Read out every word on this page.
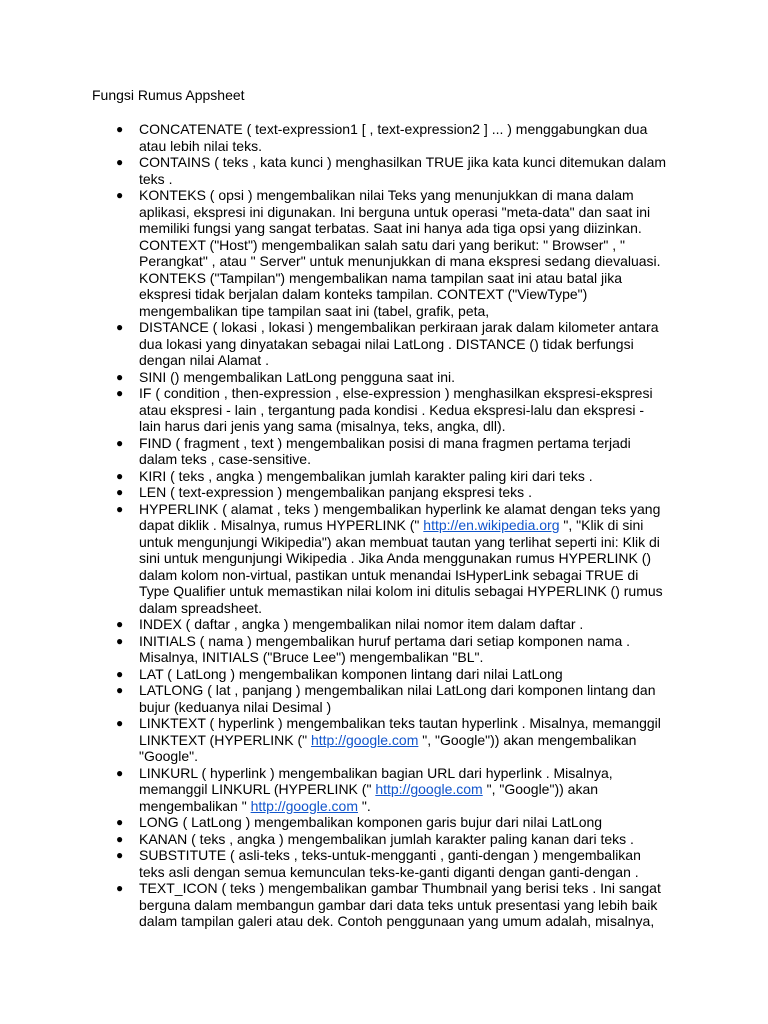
Fungsi Rumus Appsheet
● CONCATENATE ( text-expression1 [ , text-expression2 ] ... ) menggabungkan dua
atau lebih nilai teks.
● CONTAINS ( teks , kata kunci ) menghasilkan TRUE jika kata kunci ditemukan dalam
teks .
● KONTEKS ( opsi ) mengembalikan nilai Teks yang menunjukkan di mana dalam
aplikasi, ekspresi ini digunakan. Ini berguna untuk operasi "meta-data" dan saat ini
memiliki fungsi yang sangat terbatas. Saat ini hanya ada tiga opsi yang diizinkan.
CONTEXT ("Host") mengembalikan salah satu dari yang berikut: " Browser" , "
Perangkat" , atau " Server" untuk menunjukkan di mana ekspresi sedang dievaluasi.
KONTEKS ("Tampilan") mengembalikan nama tampilan saat ini atau batal jika
ekspresi tidak berjalan dalam konteks tampilan. CONTEXT ("ViewType")
mengembalikan tipe tampilan saat ini (tabel, grafik, peta,
● DISTANCE ( lokasi , lokasi ) mengembalikan perkiraan jarak dalam kilometer antara
dua lokasi yang dinyatakan sebagai nilai LatLong . DISTANCE () tidak berfungsi
dengan nilai Alamat .
● SINI () mengembalikan LatLong pengguna saat ini.
● IF ( condition , then-expression , else-expression ) menghasilkan ekspresi-ekspresi
atau ekspresi - lain , tergantung pada kondisi . Kedua ekspresi-lalu dan ekspresi -
lain harus dari jenis yang sama (misalnya, teks, angka, dll).
● FIND ( fragment , text ) mengembalikan posisi di mana fragmen pertama terjadi
dalam teks , case-sensitive.
● KIRI ( teks , angka ) mengembalikan jumlah karakter paling kiri dari teks .
● LEN ( text-expression ) mengembalikan panjang ekspresi teks .
● HYPERLINK ( alamat , teks ) mengembalikan hyperlink ke alamat dengan teks yang
dapat diklik . Misalnya, rumus HYPERLINK (" http://en.wikipedia.org ", "Klik di sini
untuk mengunjungi Wikipedia") akan membuat tautan yang terlihat seperti ini: Klik di
sini untuk mengunjungi Wikipedia . Jika Anda menggunakan rumus HYPERLINK ()
dalam kolom non-virtual, pastikan untuk menandai IsHyperLink sebagai TRUE di
Type Qualifier untuk memastikan nilai kolom ini ditulis sebagai HYPERLINK () rumus
dalam spreadsheet.
● INDEX ( daftar , angka ) mengembalikan nilai nomor item dalam daftar .
● INITIALS ( nama ) mengembalikan huruf pertama dari setiap komponen nama .
Misalnya, INITIALS ("Bruce Lee") mengembalikan "BL".
● LAT ( LatLong ) mengembalikan komponen lintang dari nilai LatLong
● LATLONG ( lat , panjang ) mengembalikan nilai LatLong dari komponen lintang dan
bujur (keduanya nilai Desimal )
● LINKTEXT ( hyperlink ) mengembalikan teks tautan hyperlink . Misalnya, memanggil
LINKTEXT (HYPERLINK (" http://google.com ", "Google")) akan mengembalikan
"Google".
● LINKURL ( hyperlink ) mengembalikan bagian URL dari hyperlink . Misalnya,
memanggil LINKURL (HYPERLINK (" http://google.com ", "Google")) akan
mengembalikan " http://google.com ".
● LONG ( LatLong ) mengembalikan komponen garis bujur dari nilai LatLong
● KANAN ( teks , angka ) mengembalikan jumlah karakter paling kanan dari teks .
● SUBSTITUTE ( asli-teks , teks-untuk-mengganti , ganti-dengan ) mengembalikan
teks asli dengan semua kemunculan teks-ke-ganti diganti dengan ganti-dengan .
● TEXT_ICON ( teks ) mengembalikan gambar Thumbnail yang berisi teks . Ini sangat
berguna dalam membangun gambar dari data teks untuk presentasi yang lebih baik
dalam tampilan galeri atau dek. Contoh penggunaan yang umum adalah, misalnya,
